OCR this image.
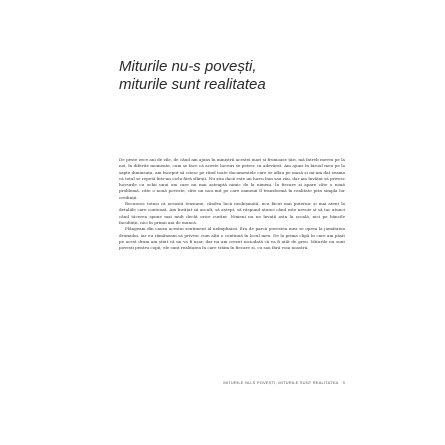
Miturile nu-s povești,
miturile sunt realitatea

De peste zece ani de zile, de când am ajuns în miniștrii acestei mari și frumoase țări, mă întreb mereu pe la noi, în diferite momente, cum se face că aceste lucruri se petrec cu adevărat. Am ajuns în biroul meu pe la șapte dimineața, am început să citesc pe rând toate documentele care se aflau pe masă și mi-am dat seama că totul se repetă într-un ciclu fără sfârșit. Nu știu dacă este un lucru bun sau rău, dar am învățat să privesc lucrurile cu ochii unui om care nu mai așteaptă nimic de la nimeni. În fiecare zi apare câte o nouă problemă, câte o nouă poveste, câte un nou mit pe care oamenii îl transformă în realitate prin simpla lor credință.

Recunosc totuși că această tensiune, cândva încă neobișnuită, m-a făcut mai puternic și mai atent la detaliile care contează. Am învățat să ascult, să aștept, să răspund atunci când este nevoie și să tac atunci când tăcerea spune mai mult decât orice cuvânt. Nimeni nu ne învață asta la școală, nici pe băncile facultății, nici în primii ani de muncă.

Plângeam din cauza acestui sentiment al neîmplinirii. Era de parcă povestea mea se oprea la jumătatea drumului, iar eu rămâneam să privesc cum alții o continuă în locul meu. De la prima clipă în care am pășit pe acest drum am știut că nu va fi ușor, dar nu am crezut niciodată că va fi atât de greu. Miturile nu sunt povești pentru copii; ele sunt realitatea în care trăim în fiecare zi, cu sau fără voia noastră.

MITURILE NU-S POVEȘTI, MITURILE SUNT REALITATEA 9
